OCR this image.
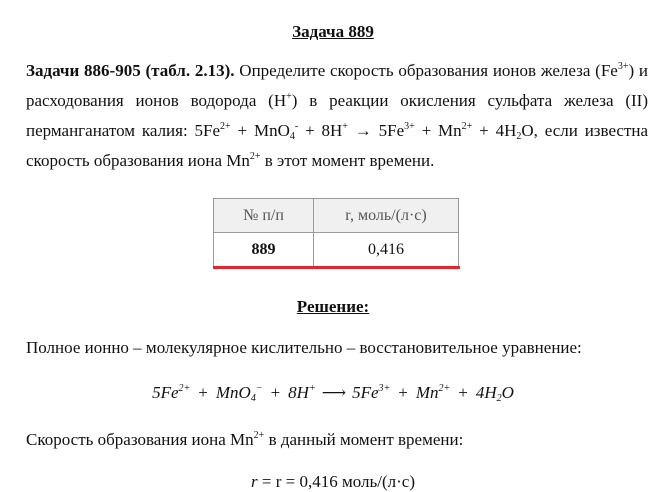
Задача 889
Задачи 886-905 (табл. 2.13). Определите скорость образования ионов железа $(Fe^{3+})$ и расходования ионов водорода (H+) в реакции окисления сульфата железа (II) перманганатом калия: $5Fe^{2+} + MnO_4^- + 8H^+ \to 5Fe^{3+} + Mn^{2+} + 4H_2O$, если известна скорость образования иона $Mn^{2+}$ в этот момент времени.
№ п/п	r, моль/(л·с)
889	0,416
Решение:
Полное ионно – молекулярное кислительно – восстановительное уравнение:
$5Fe^{2+} + MnO_4^- + 8H^+$ ⟶ $5Fe^{3+} + Mn^{2+} + 4H_2O$
Скорость образования иона $Mn^{2+}$ в данный момент времени:
r = r = 0,416 моль/(л·с)
